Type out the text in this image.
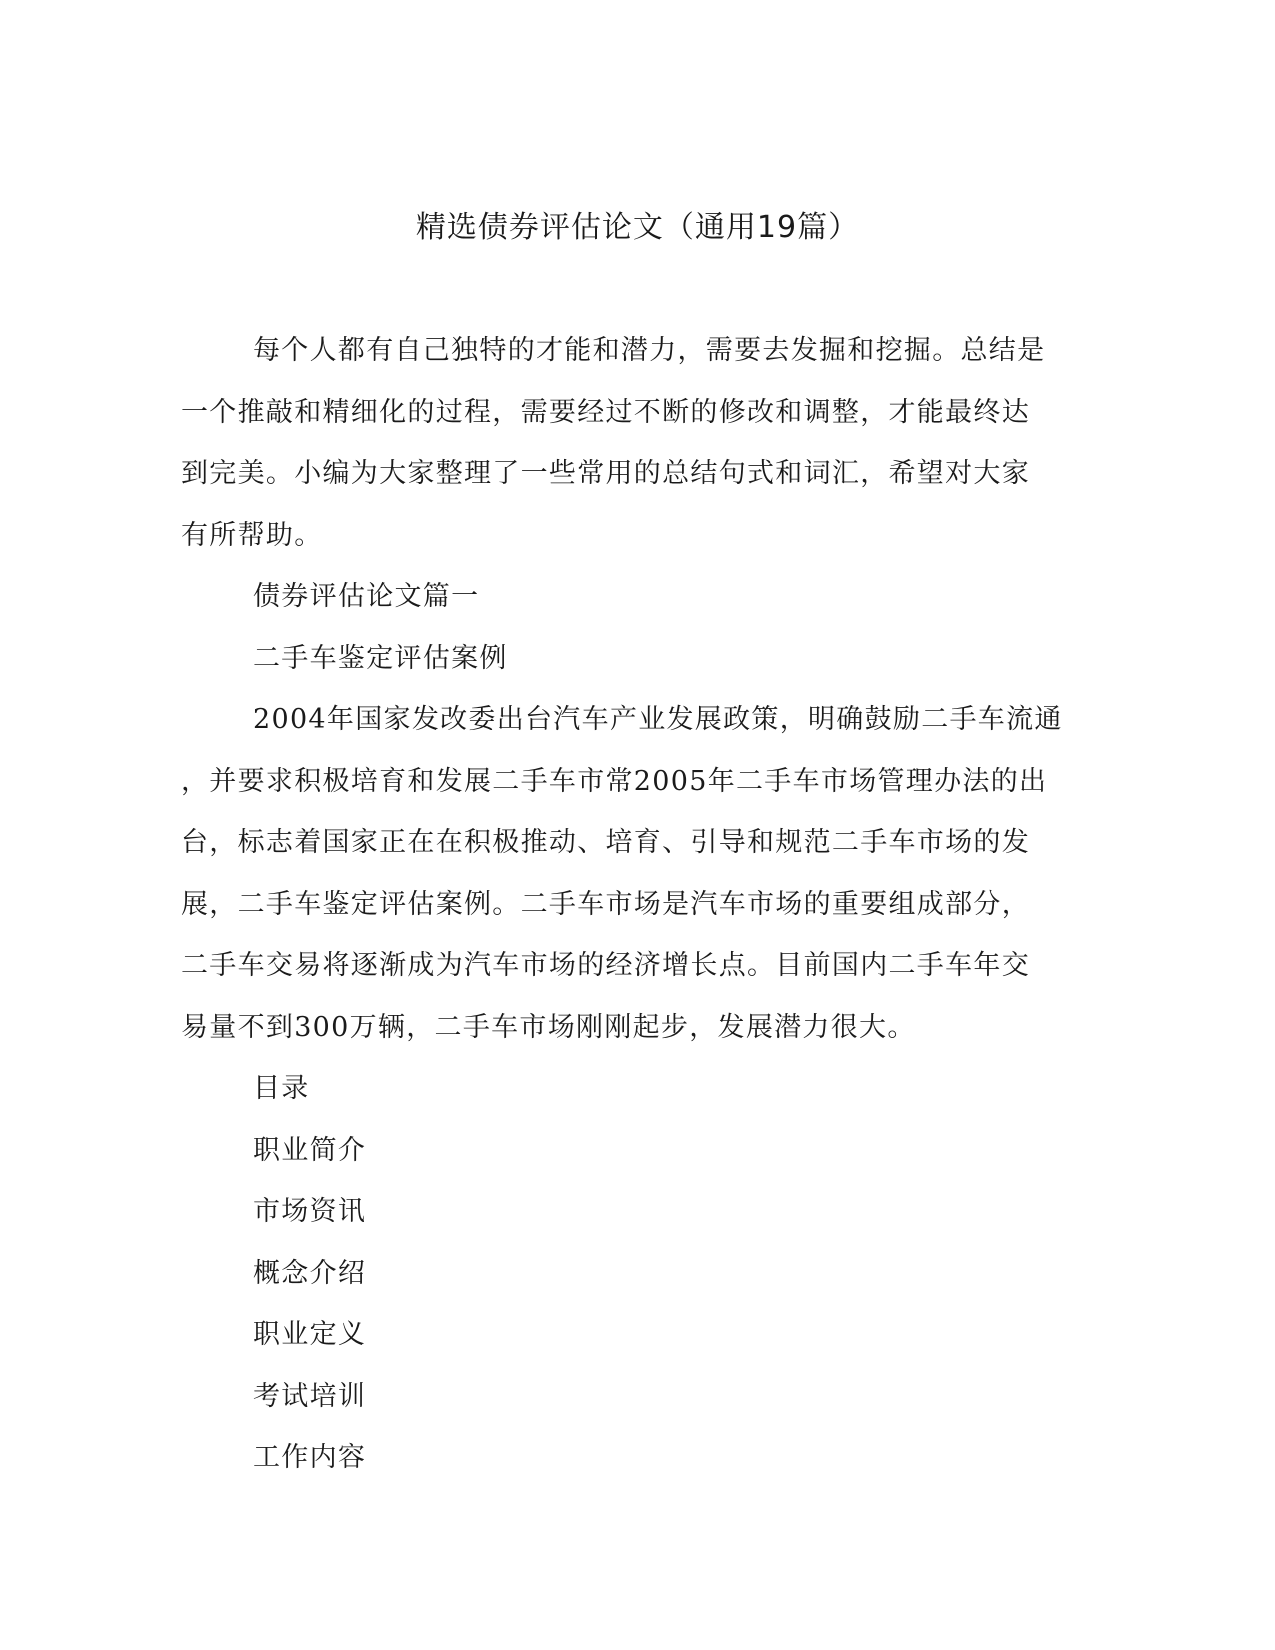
精选债券评估论文（通用19篇）
每个人都有自己独特的才能和潜力，需要去发掘和挖掘。总结是
一个推敲和精细化的过程，需要经过不断的修改和调整，才能最终达
到完美。小编为大家整理了一些常用的总结句式和词汇，希望对大家
有所帮助。
债券评估论文篇一
二手车鉴定评估案例
2004年国家发改委出台汽车产业发展政策，明确鼓励二手车流通
，并要求积极培育和发展二手车市常2005年二手车市场管理办法的出
台，标志着国家正在在积极推动、培育、引导和规范二手车市场的发
展，二手车鉴定评估案例。二手车市场是汽车市场的重要组成部分，
二手车交易将逐渐成为汽车市场的经济增长点。目前国内二手车年交
易量不到300万辆，二手车市场刚刚起步，发展潜力很大。
目录
职业简介
市场资讯
概念介绍
职业定义
考试培训
工作内容
